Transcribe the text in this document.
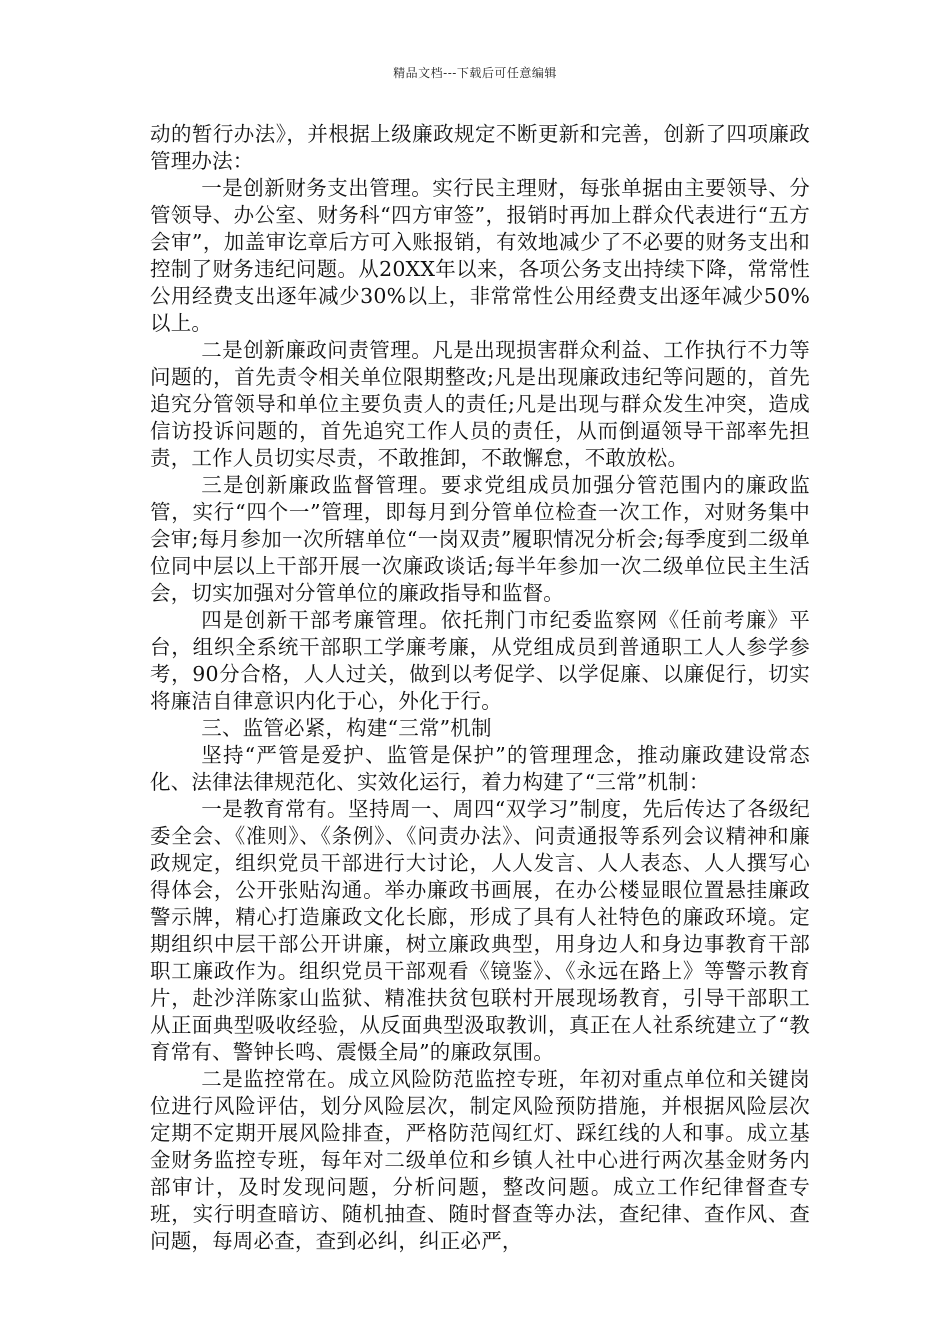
精品文档---下载后可任意编辑

动的暂行办法》，并根据上级廉政规定不断更新和完善，创新了四项廉政管理办法：

一是创新财务支出管理。实行民主理财，每张单据由主要领导、分管领导、办公室、财务科“四方审签”，报销时再加上群众代表进行“五方会审”，加盖审讫章后方可入账报销，有效地减少了不必要的财务支出和控制了财务违纪问题。从20XX年以来，各项公务支出持续下降，常常性公用经费支出逐年减少30%以上，非常常性公用经费支出逐年减少50%以上。

二是创新廉政问责管理。凡是出现损害群众利益、工作执行不力等问题的，首先责令相关单位限期整改;凡是出现廉政违纪等问题的，首先追究分管领导和单位主要负责人的责任;凡是出现与群众发生冲突，造成信访投诉问题的，首先追究工作人员的责任，从而倒逼领导干部率先担责，工作人员切实尽责，不敢推卸，不敢懈怠，不敢放松。

三是创新廉政监督管理。要求党组成员加强分管范围内的廉政监管，实行“四个一”管理，即每月到分管单位检查一次工作，对财务集中会审;每月参加一次所辖单位“一岗双责”履职情况分析会;每季度到二级单位同中层以上干部开展一次廉政谈话;每半年参加一次二级单位民主生活会，切实加强对分管单位的廉政指导和监督。

四是创新干部考廉管理。依托荆门市纪委监察网《任前考廉》平台，组织全系统干部职工学廉考廉，从党组成员到普通职工人人参学参考，90分合格，人人过关，做到以考促学、以学促廉、以廉促行，切实将廉洁自律意识内化于心，外化于行。

三、监管必紧，构建“三常”机制

坚持“严管是爱护、监管是保护”的管理理念，推动廉政建设常态化、法律法律规范化、实效化运行，着力构建了“三常”机制：

一是教育常有。坚持周一、周四“双学习”制度，先后传达了各级纪委全会、《准则》、《条例》、《问责办法》、问责通报等系列会议精神和廉政规定，组织党员干部进行大讨论，人人发言、人人表态、人人撰写心得体会，公开张贴沟通。举办廉政书画展，在办公楼显眼位置悬挂廉政警示牌，精心打造廉政文化长廊，形成了具有人社特色的廉政环境。定期组织中层干部公开讲廉，树立廉政典型，用身边人和身边事教育干部职工廉政作为。组织党员干部观看《镜鉴》、《永远在路上》等警示教育片，赴沙洋陈家山监狱、精准扶贫包联村开展现场教育，引导干部职工从正面典型吸收经验，从反面典型汲取教训，真正在人社系统建立了“教育常有、警钟长鸣、震慑全局”的廉政氛围。

二是监控常在。成立风险防范监控专班，年初对重点单位和关键岗位进行风险评估，划分风险层次，制定风险预防措施，并根据风险层次定期不定期开展风险排查，严格防范闯红灯、踩红线的人和事。成立基金财务监控专班，每年对二级单位和乡镇人社中心进行两次基金财务内部审计，及时发现问题，分析问题，整改问题。成立工作纪律督查专班，实行明查暗访、随机抽查、随时督查等办法，查纪律、查作风、查问题，每周必查，查到必纠，纠正必严，
